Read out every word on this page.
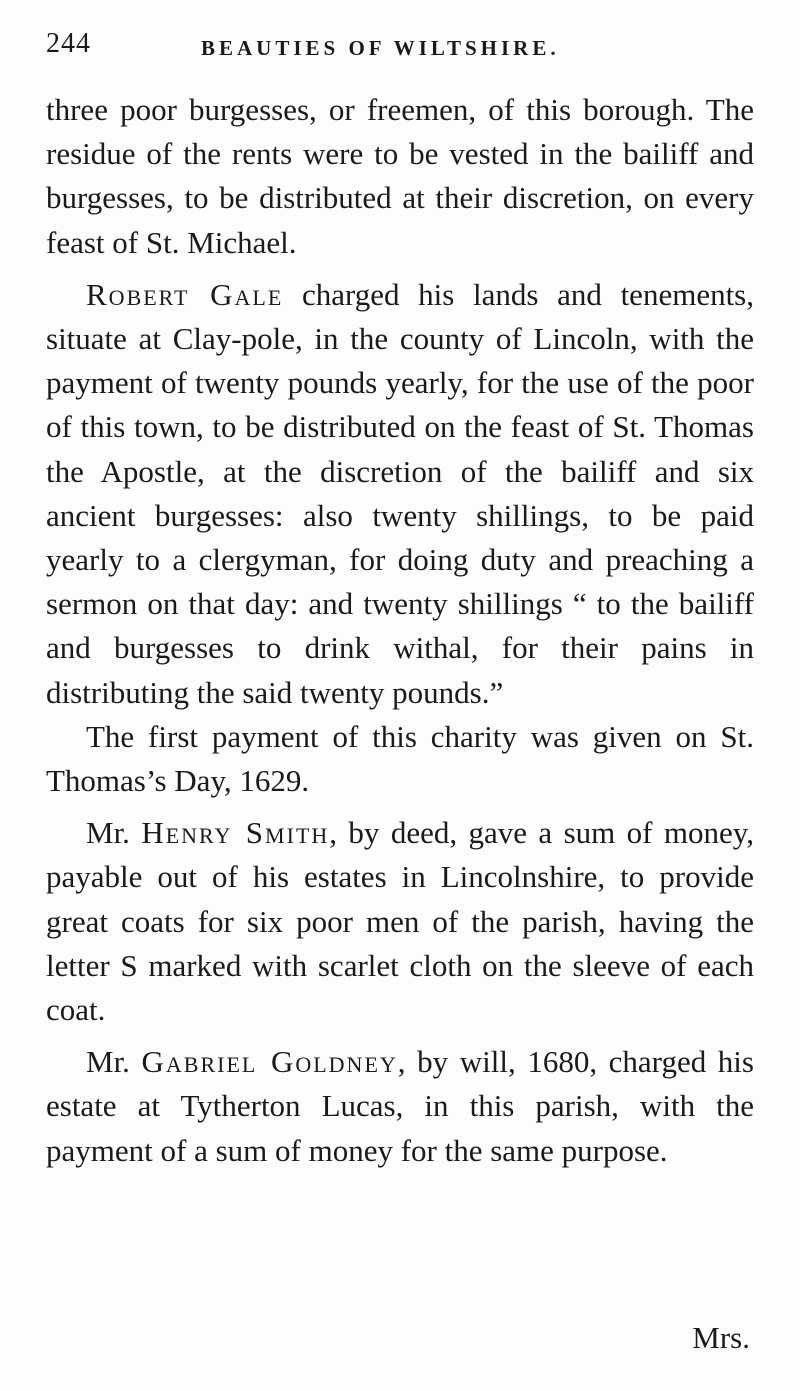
244	BEAUTIES OF WILTSHIRE.

three poor burgesses, or freemen, of this borough. The residue of the rents were to be vested in the bailiff and burgesses, to be distributed at their discretion, on every feast of St. Michael.

Robert Gale charged his lands and tenements, situate at Clay-pole, in the county of Lincoln, with the payment of twenty pounds yearly, for the use of the poor of this town, to be distributed on the feast of St. Thomas the Apostle, at the discretion of the bailiff and six ancient burgesses: also twenty shillings, to be paid yearly to a clergyman, for doing duty and preaching a sermon on that day: and twenty shillings “ to the bailiff and burgesses to drink withal, for their pains in distributing the said twenty pounds.”

The first payment of this charity was given on St. Thomas’s Day, 1629.

Mr. Henry Smith, by deed, gave a sum of money, payable out of his estates in Lincolnshire, to provide great coats for six poor men of the parish, having the letter S marked with scarlet cloth on the sleeve of each coat.

Mr. Gabriel Goldney, by will, 1680, charged his estate at Tytherton Lucas, in this parish, with the payment of a sum of money for the same purpose.

Mrs.
